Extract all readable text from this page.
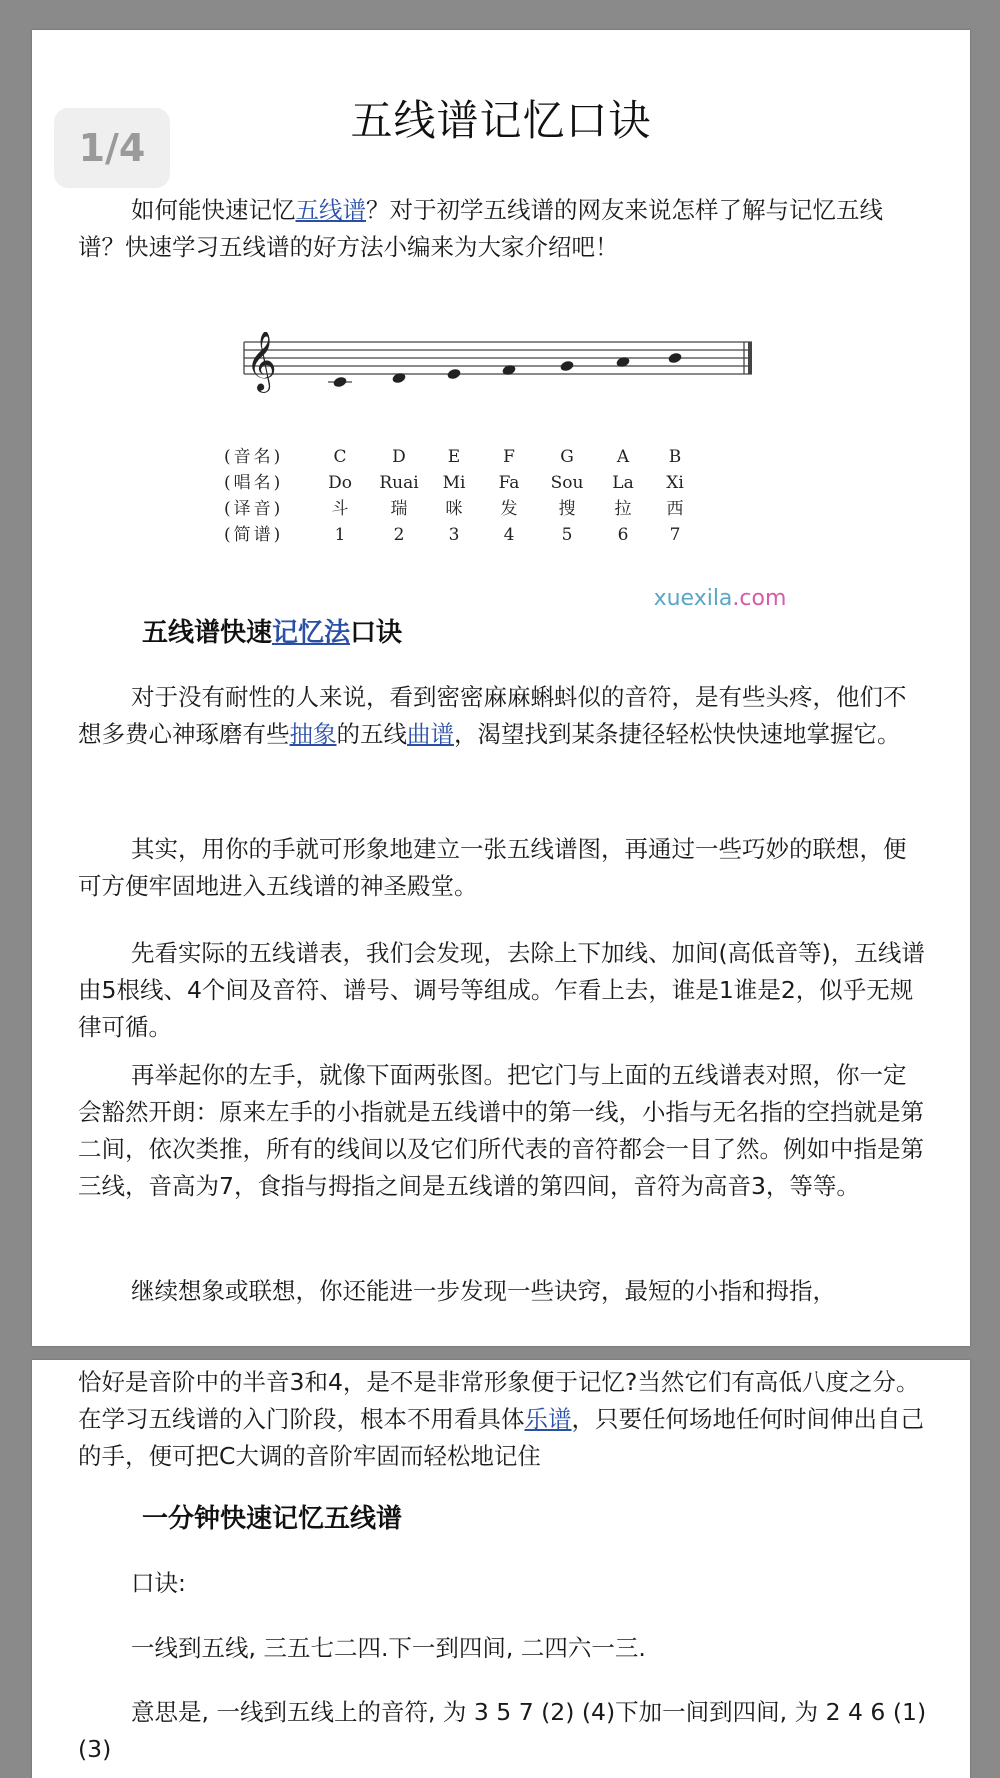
五线谱记忆口诀

如何能快速记忆五线谱？对于初学五线谱的网友来说怎样了解与记忆五线谱？快速学习五线谱的好方法小编来为大家介绍吧！

𝄞
(音名)	C	D E	F	G	A B
(唱名)	Do Ruai Mi Fa Sou La Xi
(译音)	斗 瑞 咪 发 搜 拉 西
(简谱)	1	2	3	4	5	6 7
xuexila.com
五线谱快速记忆法口诀

对于没有耐性的人来说，看到密密麻麻蝌蚪似的音符，是有些头疼，他们不想多费心神琢磨有些抽象的五线曲谱，渴望找到某条捷径轻松快快速地掌握它。

其实，用你的手就可形象地建立一张五线谱图，再通过一些巧妙的联想，便可方便牢固地进入五线谱的神圣殿堂。

先看实际的五线谱表，我们会发现，去除上下加线、加间(高低音等)，五线谱由5根线、4个间及音符、谱号、调号等组成。乍看上去，谁是1谁是2，似乎无规律可循。

再举起你的左手，就像下面两张图。把它门与上面的五线谱表对照，你一定会豁然开朗：原来左手的小指就是五线谱中的第一线，小指与无名指的空挡就是第二间，依次类推，所有的线间以及它们所代表的音符都会一目了然。例如中指是第三线，音高为7，食指与拇指之间是五线谱的第四间，音符为高音3，等等。

继续想象或联想，你还能进一步发现一些诀窍，最短的小指和拇指，

1/4

恰好是音阶中的半音3和4，是不是非常形象便于记忆?当然它们有高低八度之分。在学习五线谱的入门阶段，根本不用看具体乐谱，只要任何场地任何时间伸出自己的手，便可把C大调的音阶牢固而轻松地记住

一分钟快速记忆五线谱

口诀:

一线到五线, 三五七二四.下一到四间, 二四六一三.

意思是, 一线到五线上的音符, 为 3 5 7 (2) (4)下加一间到四间, 为 2 4 6 (1) (3)
